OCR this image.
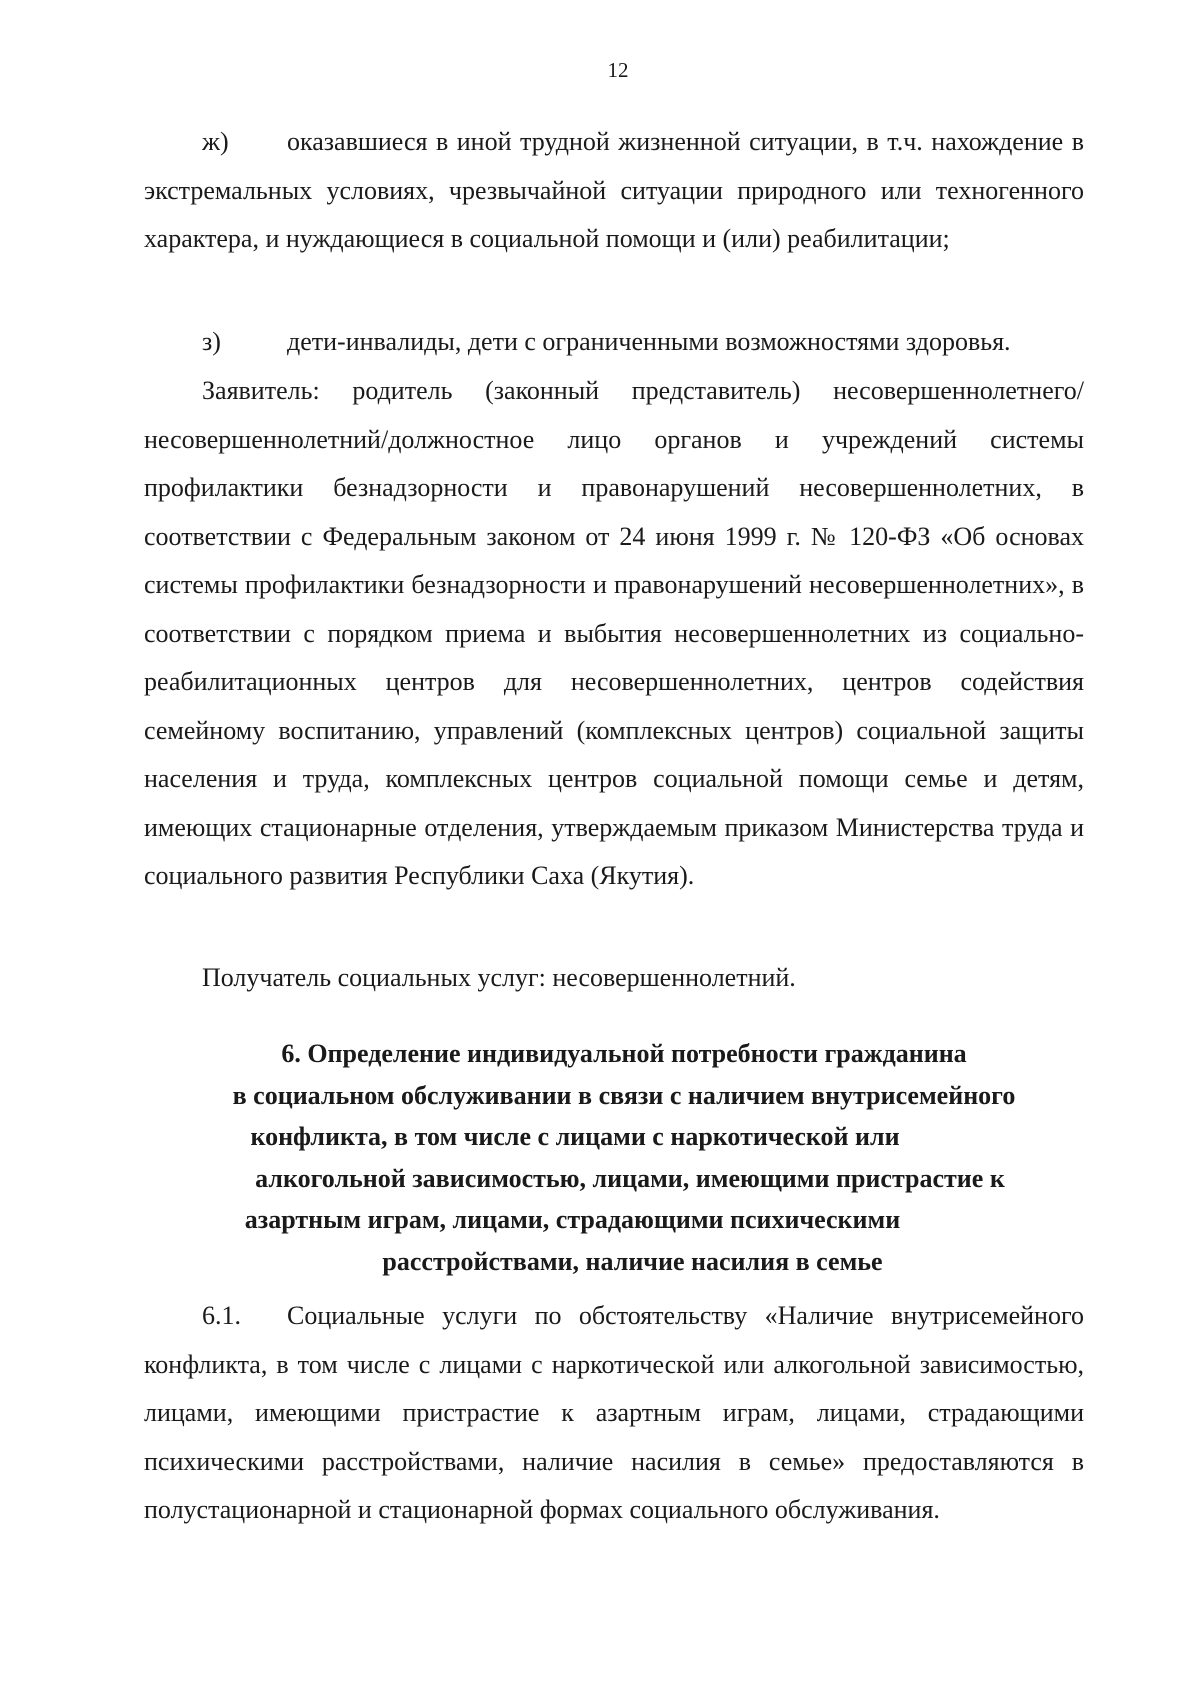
12
ж) оказавшиеся в иной трудной жизненной ситуации, в т.ч. нахождение в экстремальных условиях, чрезвычайной ситуации природного или техногенного характера, и нуждающиеся в социальной помощи и (или) реабилитации;
з)	дети-инвалиды, дети с ограниченными возможностями здоровья.
Заявитель: родитель (законный представитель) несовершеннолетнего/ несовершеннолетний/должностное лицо органов и учреждений системы профилактики безнадзорности и правонарушений несовершеннолетних, в соответствии с Федеральным законом от 24 июня 1999 г. № 120-ФЗ «Об основах системы профилактики безнадзорности и правонарушений несовершеннолетних», в соответствии с порядком приема и выбытия несовершеннолетних из социально-реабилитационных центров для несовершеннолетних, центров содействия семейному воспитанию, управлений (комплексных центров) социальной защиты населения и труда, комплексных центров социальной помощи семье и детям, имеющих стационарные отделения, утверждаемым приказом Министерства труда и социального развития Республики Саха (Якутия).
Получатель социальных услуг: несовершеннолетний.
6. Определение индивидуальной потребности гражданина
в социальном обслуживании в связи с наличием внутрисемейного
конфликта, в том числе с лицами с наркотической или
алкогольной зависимостью, лицами, имеющими пристрастие к
азартным играм, лицами, страдающими психическими
расстройствами, наличие насилия в семье
6.1. Социальные услуги по обстоятельству «Наличие внутрисемейного конфликта, в том числе с лицами с наркотической или алкогольной зависимостью, лицами, имеющими пристрастие к азартным играм, лицами, страдающими психическими расстройствами, наличие насилия в семье» предоставляются в полустационарной и стационарной формах социального обслуживания.
